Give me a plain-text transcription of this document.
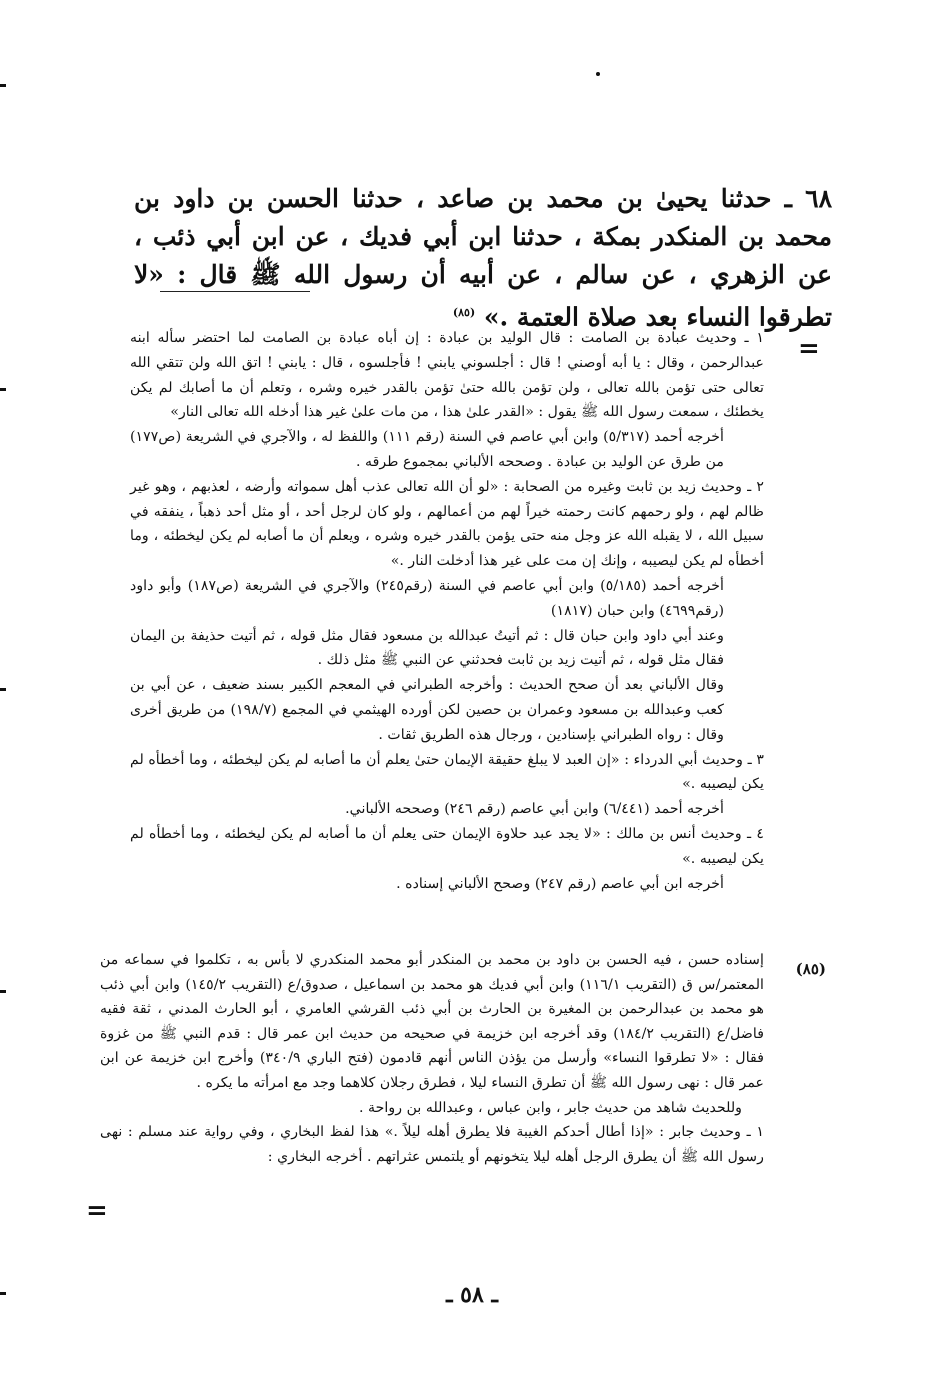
٦٨ ـ حدثنا يحيىٰ بن محمد بن صاعد ، حدثنا الحسن بن داود بن محمد بن المنكدر بمكة ، حدثنا ابن أبي فديك ، عن ابن أبي ذئب ، عن الزهري ، عن سالم ، عن أبيه أن رسول الله ﷺ قال : «لا تطرقوا النساء بعد صلاة العتمة .» $^{(٨٥)}$
=

١ ـ وحديث عبادة بن الصامت : قال الوليد بن عبادة : إن أباه عبادة بن الصامت لما احتضر سأله ابنه عبدالرحمن ، وقال : يا أبه أوصني ! قال : أجلسوني يابني ! فأجلسوه ، قال : يابني ! اتق الله ولن تتقي الله تعالى حتى تؤمن بالله تعالى ، ولن تؤمن بالله حتىٰ تؤمن بالقدر خيره وشره ، وتعلم أن ما أصابك لم يكن يخطئك ، سمعت رسول الله ﷺ يقول : «القدر علىٰ هذا ، من مات علىٰ غير هذا أدخله الله تعالى النار»

أخرجه أحمد (٥/٣١٧) وابن أبي عاصم في السنة (رقم ١١١) واللفظ له ، والآجري في الشريعة (ص١٧٧) من طرق عن الوليد بن عبادة . وصححه الألباني بمجموع طرقه .

٢ ـ وحديث زيد بن ثابت وغيره من الصحابة : «لو أن الله تعالى عذب أهل سمواته وأرضه ، لعذبهم ، وهو غير ظالم لهم ، ولو رحمهم كانت رحمته خيراً لهم من أعمالهم ، ولو كان لرجل أحد ، أو مثل أحد ذهباً ، ينفقه في سبيل الله ، لا يقبله الله عز وجل منه حتى يؤمن بالقدر خيره وشره ، ويعلم أن ما أصابه لم يكن ليخطئه ، وما أخطأه لم يكن ليصيبه ، وإنك إن مت على غير هذا أدخلت النار .»

أخرجه أحمد (٥/١٨٥) وابن أبي عاصم في السنة (رقم٢٤٥) والآجري في الشريعة (ص١٨٧) وأبو داود (رقم٤٦٩٩) وابن حبان (١٨١٧)

وعند أبي داود وابن حبان قال : ثم أتيتُ عبدالله بن مسعود فقال مثل قوله ، ثم أتيت حذيفة بن اليمان فقال مثل قوله ، ثم أتيت زيد بن ثابت فحدثني عن النبي ﷺ مثل ذلك .

وقال الألباني بعد أن صحح الحديث : وأخرجه الطبراني في المعجم الكبير بسند ضعيف ، عن أبي بن كعب وعبدالله بن مسعود وعمران بن حصين لكن أورده الهيثمي في المجمع (١٩٨/٧) من طريق أخرى وقال : رواه الطبراني بإسنادين ، ورجال هذه الطريق ثقات .

٣ ـ وحديث أبي الدرداء : «إن العبد لا يبلغ حقيقة الإيمان حتىٰ يعلم أن ما أصابه لم يكن ليخطئه ، وما أخطأه لم يكن ليصيبه .»

أخرجه أحمد (٦/٤٤١) وابن أبي عاصم (رقم ٢٤٦) وصححه الألباني.

٤ ـ وحديث أنس بن مالك : «لا يجد عبد حلاوة الإيمان حتى يعلم أن ما أصابه لم يكن ليخطئه ، وما أخطأه لم يكن ليصيبه .»

أخرجه ابن أبي عاصم (رقم ٢٤٧) وصحح الألباني إسناده .

(٨٥)

إسناده حسن ، فيه الحسن بن داود بن محمد بن المنكدر أبو محمد المنكدري لا بأس به ، تكلموا في سماعه من المعتمر/س ق (التقريب ١١٦/١) وابن أبي فديك هو محمد بن اسماعيل ، صدوق/ع (التقريب ١٤٥/٢) وابن أبي ذئب هو محمد بن عبدالرحمن بن المغيرة بن الحارث بن أبي ذئب القرشي العامري ، أبو الحارث المدني ، ثقة فقيه فاضل/ع (التقريب ١٨٤/٢) وقد أخرجه ابن خزيمة في صحيحه من حديث ابن عمر قال : قدم النبي ﷺ من غزوة فقال : «لا تطرقوا النساء» وأرسل من يؤذن الناس أنهم قادمون (فتح الباري ٣٤٠/٩) وأخرج ابن خزيمة عن ابن عمر قال : نهى رسول الله ﷺ أن تطرق النساء ليلا ، فطرق رجلان كلاهما وجد مع امرأته ما يكره .

وللحديث شاهد من حديث جابر ، وابن عباس ، وعبدالله بن رواحة .

١ ـ وحديث جابر : «إذا أطال أحدكم الغيبة فلا يطرق أهله ليلاً .» هذا لفظ البخاري ، وفي رواية عند مسلم : نهى رسول الله ﷺ أن يطرق الرجل أهله ليلا يتخونهم أو يلتمس عثراتهم . أخرجه البخاري :

=
ـ ٥٨ ـ
